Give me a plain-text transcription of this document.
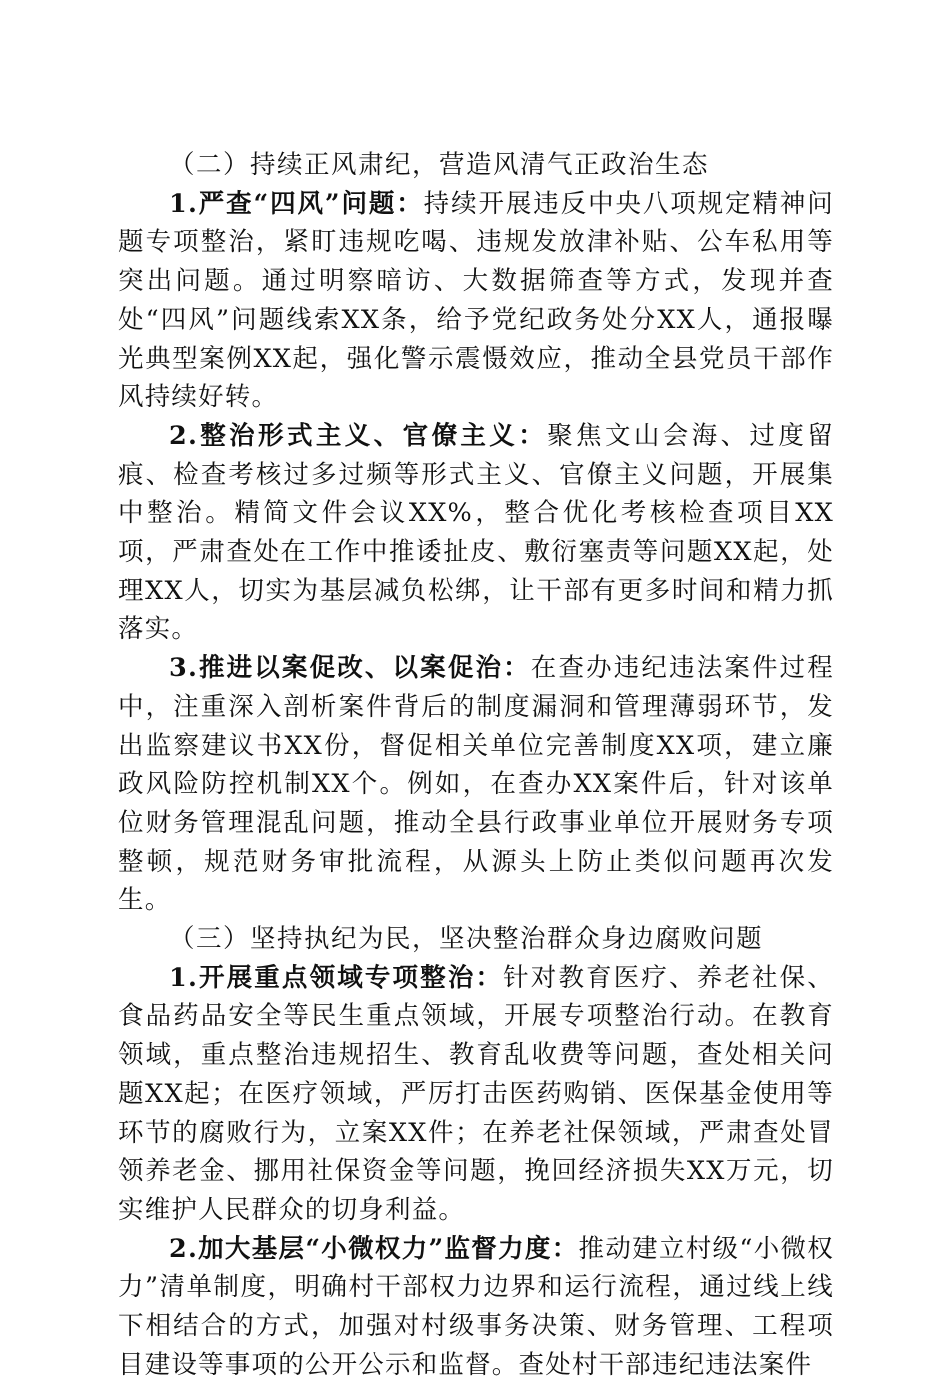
（二）持续正风肃纪，营造风清气正政治生态

1.严查“四风”问题：持续开展违反中央八项规定精神问题专项整治，紧盯违规吃喝、违规发放津补贴、公车私用等突出问题。通过明察暗访、大数据筛查等方式，发现并查处“四风”问题线索XX条，给予党纪政务处分XX人，通报曝光典型案例XX起，强化警示震慑效应，推动全县党员干部作风持续好转。

2.整治形式主义、官僚主义：聚焦文山会海、过度留痕、检查考核过多过频等形式主义、官僚主义问题，开展集中整治。精简文件会议XX%，整合优化考核检查项目XX项，严肃查处在工作中推诿扯皮、敷衍塞责等问题XX起，处理XX人，切实为基层减负松绑，让干部有更多时间和精力抓落实。

3.推进以案促改、以案促治：在查办违纪违法案件过程中，注重深入剖析案件背后的制度漏洞和管理薄弱环节，发出监察建议书XX份，督促相关单位完善制度XX项，建立廉政风险防控机制XX个。例如，在查办XX案件后，针对该单位财务管理混乱问题，推动全县行政事业单位开展财务专项整顿，规范财务审批流程，从源头上防止类似问题再次发生。

（三）坚持执纪为民，坚决整治群众身边腐败问题

1.开展重点领域专项整治：针对教育医疗、养老社保、食品药品安全等民生重点领域，开展专项整治行动。在教育领域，重点整治违规招生、教育乱收费等问题，查处相关问题XX起；在医疗领域，严厉打击医药购销、医保基金使用等环节的腐败行为，立案XX件；在养老社保领域，严肃查处冒领养老金、挪用社保资金等问题，挽回经济损失XX万元，切实维护人民群众的切身利益。

2.加大基层“小微权力”监督力度：推动建立村级“小微权力”清单制度，明确村干部权力边界和运行流程，通过线上线下相结合的方式，加强对村级事务决策、财务管理、工程项目建设等事项的公开公示和监督。查处村干部违纪违法案件
